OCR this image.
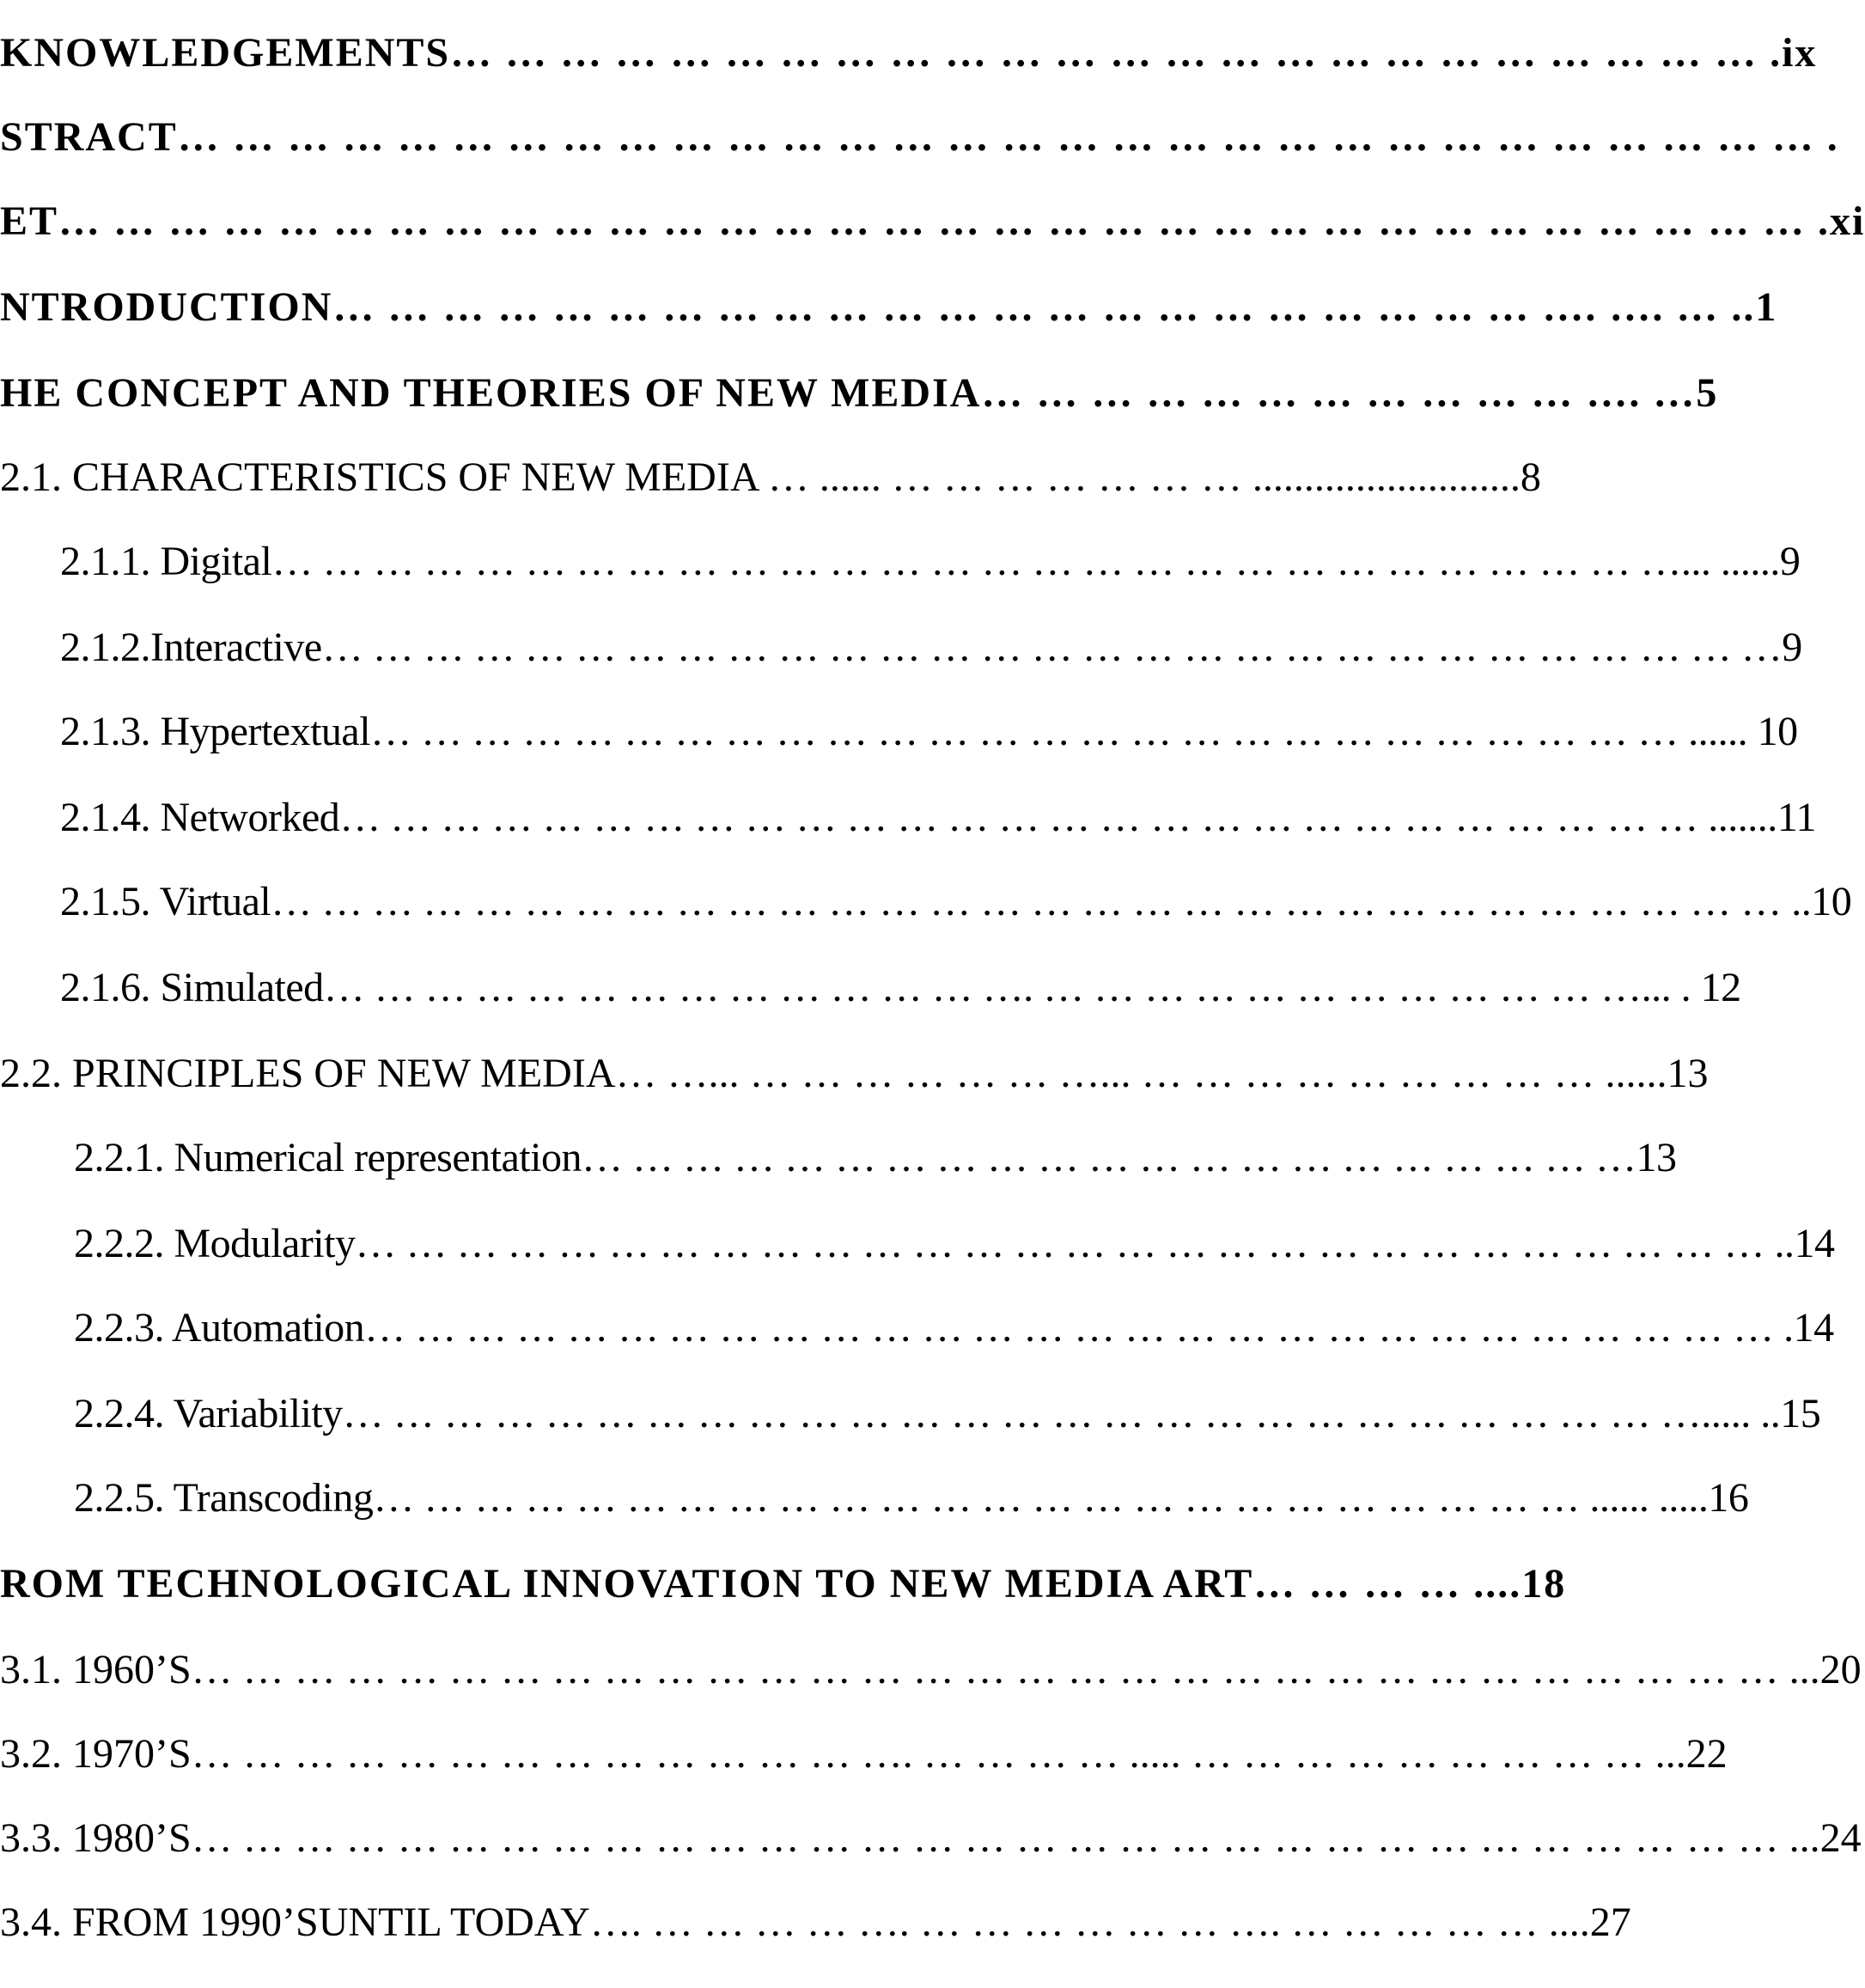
KNOWLEDGEMENTS… … … … … … … … … … … … … … … … … … … … … … … … .ix
STRACT… … … … … … … … … … … … … … … … … … … … … … … … … … … … … … .
ET… … … … … … … … … … … … … … … … … … … … … … … … … … … … … … … … .xi
NTRODUCTION… … … … … … … … … … … … … … … … … … … … … … …. …. … ..1
HE CONCEPT AND THEORIES OF NEW MEDIA… … … … … … … … … … … …. …5
2.1. CHARACTERISTICS OF NEW MEDIA … ...... … … … … … … … ..........................8
2.1.1. Digital… … … … … … … … … … … … … … … … … … … … … … … … … … … …... ......9
2.1.2.Interactive… … … … … … … … … … … … … … … … … … … … … … … … … … … … …9
2.1.3. Hypertextual… … … … … … … … … … … … … … … … … … … … … … … … … … ...... 10
2.1.4. Networked… … … … … … … … … … … … … … … … … … … … … … … … … … … .......11
2.1.5. Virtual… … … … … … … … … … … … … … … … … … … … … … … … … … … … … … ..10
2.1.6. Simulated… … … … … … … … … … … … … …. … … … … … … … … … … … …... . 12
2.2. PRINCIPLES OF NEW MEDIA… …... … … … … … … …... … … … … … … … … … ......13
2.2.1. Numerical representation… … … … … … … … … … … … … … … … … … … … …13
2.2.2. Modularity… … … … … … … … … … … … … … … … … … … … … … … … … … … … ..14
2.2.3. Automation… … … … … … … … … … … … … … … … … … … … … … … … … … … … .14
2.2.4. Variability… … … … … … … … … … … … … … … … … … … … … … … … … … …..... ..15
2.2.5. Transcoding… … … … … … … … … … … … … … … … … … … … … … … … ...... .....16
ROM TECHNOLOGICAL INNOVATION TO NEW MEDIA ART… … … … ....18
3.1. 1960’S… … … … … … … … … … … … … … … … … … … … … … … … … … … … … … … ...20
3.2. 1970’S… … … … … … … … … … … … … …. … … … … ..... … … … … … … … … … ...22
3.3. 1980’S… … … … … … … … … … … … … … … … … … … … … … … … … … … … … … … ...24
3.4. FROM 1990’SUNTIL TODAY…. … … … … …. … … … … … … …. … … … … … ....27
